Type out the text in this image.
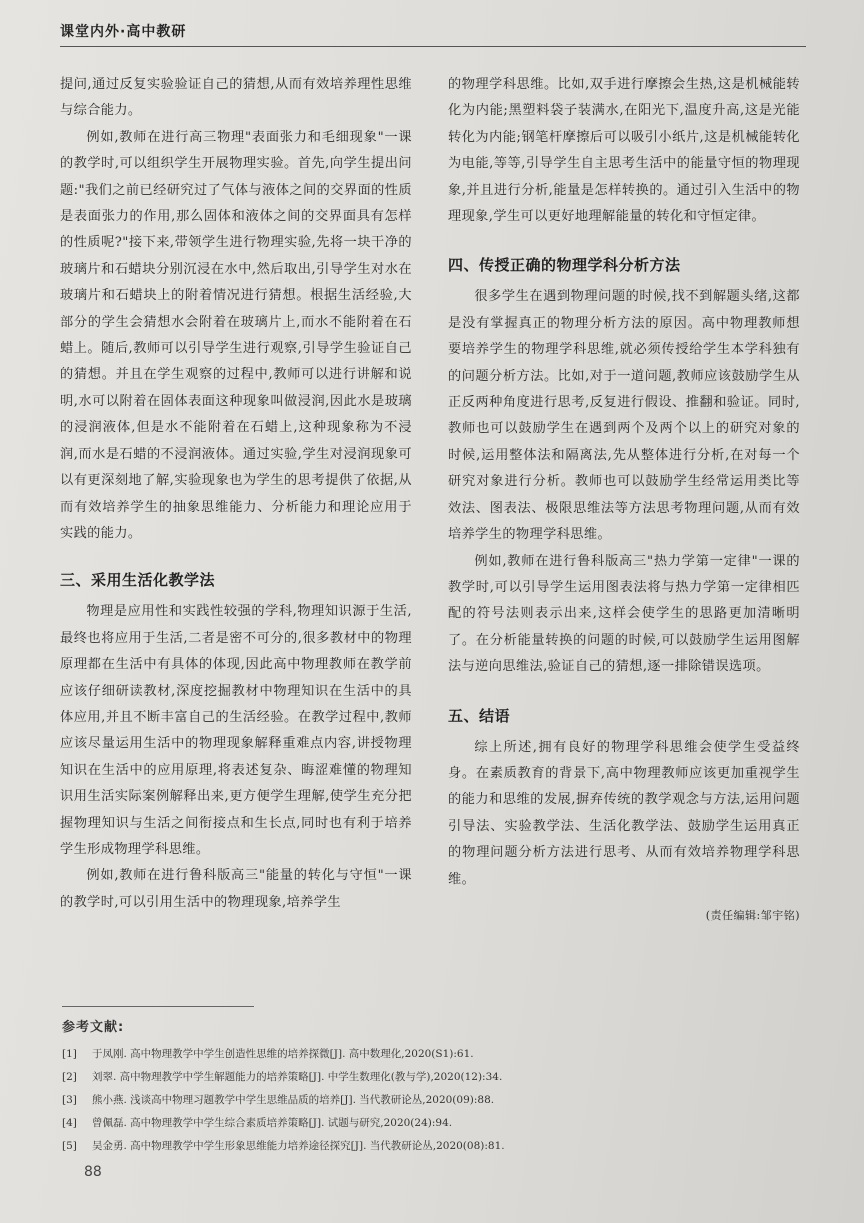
课堂内外·高中教研

提问,通过反复实验验证自己的猜想,从而有效培养理性思维与综合能力。

例如,教师在进行高三物理"表面张力和毛细现象"一课的教学时,可以组织学生开展物理实验。首先,向学生提出问题:"我们之前已经研究过了气体与液体之间的交界面的性质是表面张力的作用,那么固体和液体之间的交界面具有怎样的性质呢?"接下来,带领学生进行物理实验,先将一块干净的玻璃片和石蜡块分别沉浸在水中,然后取出,引导学生对水在玻璃片和石蜡块上的附着情况进行猜想。根据生活经验,大部分的学生会猜想水会附着在玻璃片上,而水不能附着在石蜡上。随后,教师可以引导学生进行观察,引导学生验证自己的猜想。并且在学生观察的过程中,教师可以进行讲解和说明,水可以附着在固体表面这种现象叫做浸润,因此水是玻璃的浸润液体,但是水不能附着在石蜡上,这种现象称为不浸润,而水是石蜡的不浸润液体。通过实验,学生对浸润现象可以有更深刻地了解,实验现象也为学生的思考提供了依据,从而有效培养学生的抽象思维能力、分析能力和理论应用于实践的能力。

三、采用生活化教学法

物理是应用性和实践性较强的学科,物理知识源于生活,最终也将应用于生活,二者是密不可分的,很多教材中的物理原理都在生活中有具体的体现,因此高中物理教师在教学前应该仔细研读教材,深度挖掘教材中物理知识在生活中的具体应用,并且不断丰富自己的生活经验。在教学过程中,教师应该尽量运用生活中的物理现象解释重难点内容,讲授物理知识在生活中的应用原理,将表述复杂、晦涩难懂的物理知识用生活实际案例解释出来,更方便学生理解,使学生充分把握物理知识与生活之间衔接点和生长点,同时也有利于培养学生形成物理学科思维。

例如,教师在进行鲁科版高三"能量的转化与守恒"一课的教学时,可以引用生活中的物理现象,培养学生

的物理学科思维。比如,双手进行摩擦会生热,这是机械能转化为内能;黑塑料袋子装满水,在阳光下,温度升高,这是光能转化为内能;钢笔杆摩擦后可以吸引小纸片,这是机械能转化为电能,等等,引导学生自主思考生活中的能量守恒的物理现象,并且进行分析,能量是怎样转换的。通过引入生活中的物理现象,学生可以更好地理解能量的转化和守恒定律。

四、传授正确的物理学科分析方法

很多学生在遇到物理问题的时候,找不到解题头绪,这都是没有掌握真正的物理分析方法的原因。高中物理教师想要培养学生的物理学科思维,就必须传授给学生本学科独有的问题分析方法。比如,对于一道问题,教师应该鼓励学生从正反两种角度进行思考,反复进行假设、推翻和验证。同时,教师也可以鼓励学生在遇到两个及两个以上的研究对象的时候,运用整体法和隔离法,先从整体进行分析,在对每一个研究对象进行分析。教师也可以鼓励学生经常运用类比等效法、图表法、极限思维法等方法思考物理问题,从而有效培养学生的物理学科思维。

例如,教师在进行鲁科版高三"热力学第一定律"一课的教学时,可以引导学生运用图表法将与热力学第一定律相匹配的符号法则表示出来,这样会使学生的思路更加清晰明了。在分析能量转换的问题的时候,可以鼓励学生运用图解法与逆向思维法,验证自己的猜想,逐一排除错误选项。

五、结语

综上所述,拥有良好的物理学科思维会使学生受益终身。在素质教育的背景下,高中物理教师应该更加重视学生的能力和思维的发展,摒弃传统的教学观念与方法,运用问题引导法、实验教学法、生活化教学法、鼓励学生运用真正的物理问题分析方法进行思考、从而有效培养物理学科思维。

(责任编辑:邹宇铭)
参考文献:
[1] 于凤刚. 高中物理教学中学生创造性思维的培养探微[J]. 高中数理化,2020(S1):61.
[2] 刘翠. 高中物理教学中学生解题能力的培养策略[J]. 中学生数理化(教与学),2020(12):34.
[3] 熊小燕. 浅谈高中物理习题教学中学生思维品质的培养[J]. 当代教研论丛,2020(09):88.
[4] 曾佩磊. 高中物理教学中学生综合素质培养策略[J]. 试题与研究,2020(24):94.
[5] 吴金勇. 高中物理教学中学生形象思维能力培养途径探究[J]. 当代教研论丛,2020(08):81.
88
